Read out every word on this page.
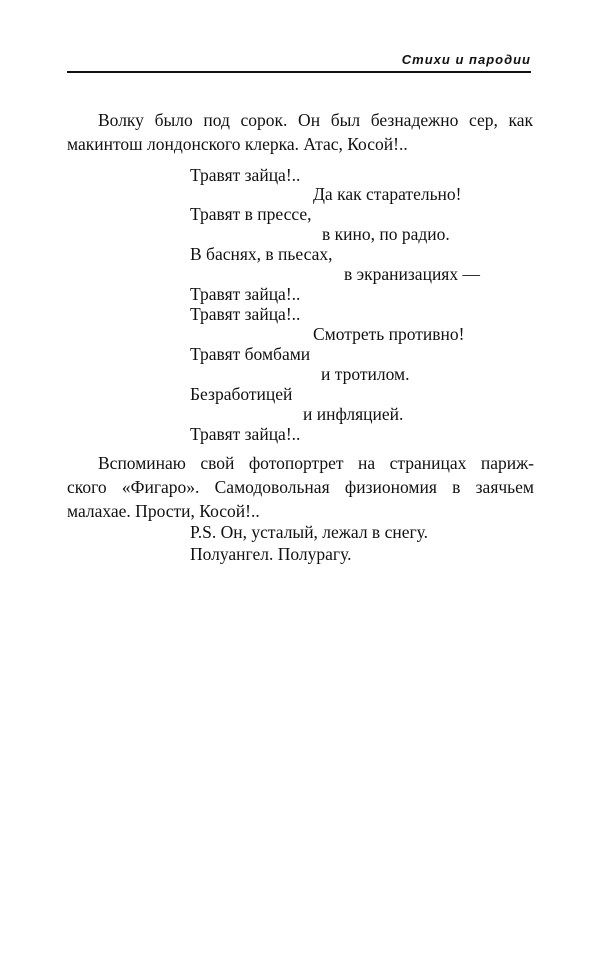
Стихи и пародии
Волку было под сорок. Он был безнадежно сер, как
макинтош лондонского клерка. Атас, Косой!..
Травят зайца!..
Да как старательно!
Травят в прессе,
в кино, по радио.
В баснях, в пьесах,
в экранизациях —
Травят зайца!..
Травят зайца!..
Смотреть противно!
Травят бомбами
и тротилом.
Безработицей
и инфляцией.
Травят зайца!..
Вспоминаю свой фотопортрет на страницах париж-
ского «Фигаро». Самодовольная физиономия в заячьем
малахае. Прости, Косой!..
P.S. Он, усталый, лежал в снегу.
Полуангел. Полурагу.
